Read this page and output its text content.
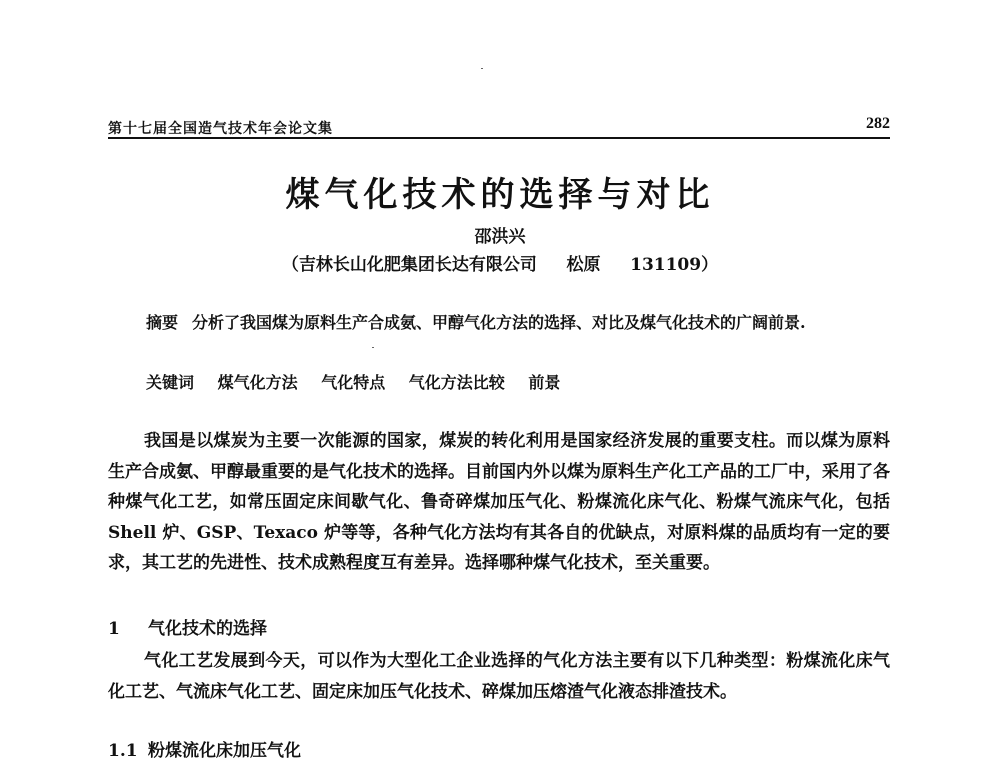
第十七届全国造气技术年会论文集	282
煤气化技术的选择与对比
邵洪兴
（吉林长山化肥集团长达有限公司 松原 131109）

摘要 分析了我国煤为原料生产合成氨、甲醇气化方法的选择、对比及煤气化技术的广阔前景.

关键词 煤气化方法 气化特点 气化方法比较 前景

我国是以煤炭为主要一次能源的国家，煤炭的转化利用是国家经济发展的重要支柱。而以煤为原料生产合成氨、甲醇最重要的是气化技术的选择。目前国内外以煤为原料生产化工产品的工厂中，采用了各种煤气化工艺，如常压固定床间歇气化、鲁奇碎煤加压气化、粉煤流化床气化、粉煤气流床气化，包括 Shell 炉、GSP、Texaco 炉等等，各种气化方法均有其各自的优缺点，对原料煤的品质均有一定的要求，其工艺的先进性、技术成熟程度互有差异。选择哪种煤气化技术，至关重要。

1 气化技术的选择

气化工艺发展到今天，可以作为大型化工企业选择的气化方法主要有以下几种类型：粉煤流化床气化工艺、气流床气化工艺、固定床加压气化技术、碎煤加压熔渣气化液态排渣技术。

1.1 粉煤流化床加压气化
